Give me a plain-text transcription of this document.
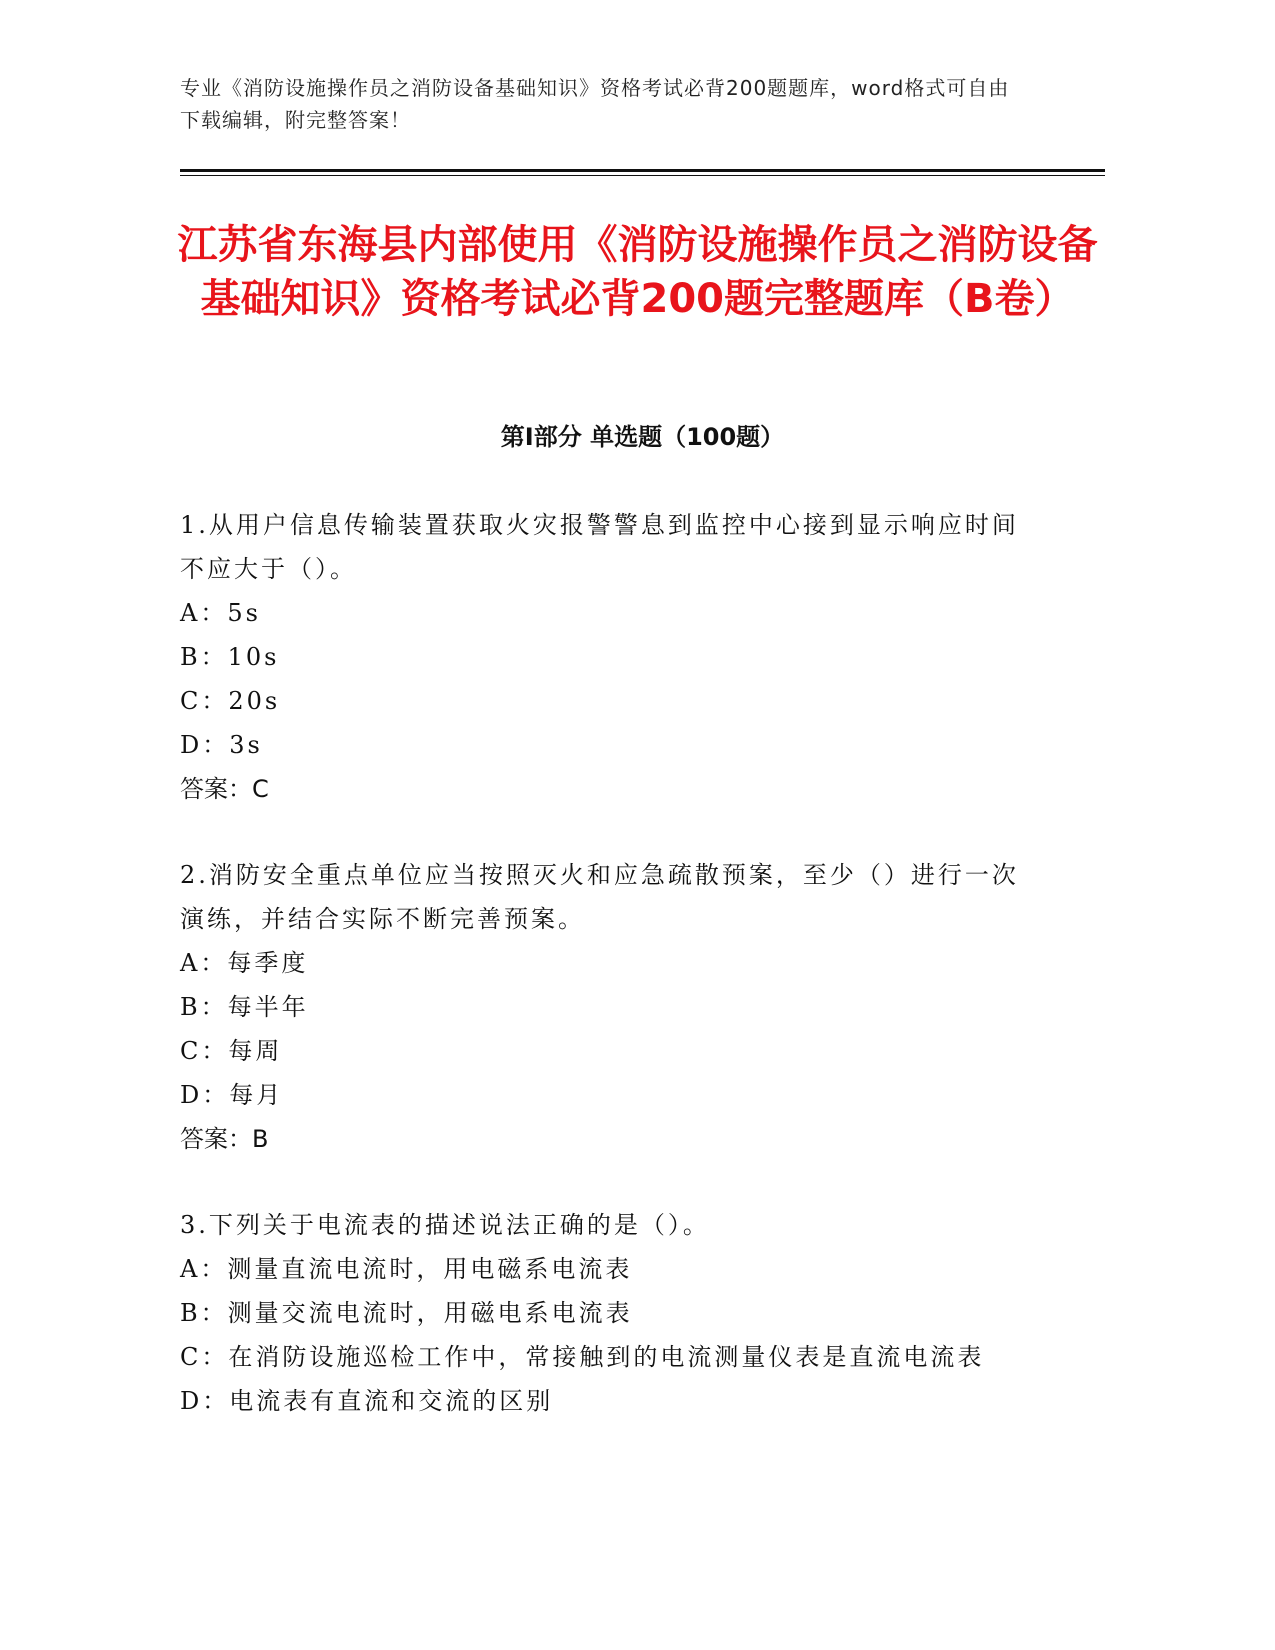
专业《消防设施操作员之消防设备基础知识》资格考试必背200题题库，word格式可自由下载编辑，附完整答案！
江苏省东海县内部使用《消防设施操作员之消防设备基础知识》资格考试必背200题完整题库（B卷）
第Ⅰ部分 单选题（100题）
1.从用户信息传输装置获取火灾报警警息到监控中心接到显示响应时间不应大于（）。
A：5s
B：10s
C：20s
D：3s
答案：C
2.消防安全重点单位应当按照灭火和应急疏散预案，至少（）进行一次演练，并结合实际不断完善预案。
A：每季度
B：每半年
C：每周
D：每月
答案：B
3.下列关于电流表的描述说法正确的是（）。
A：测量直流电流时，用电磁系电流表
B：测量交流电流时，用磁电系电流表
C：在消防设施巡检工作中，常接触到的电流测量仪表是直流电流表
D：电流表有直流和交流的区别
